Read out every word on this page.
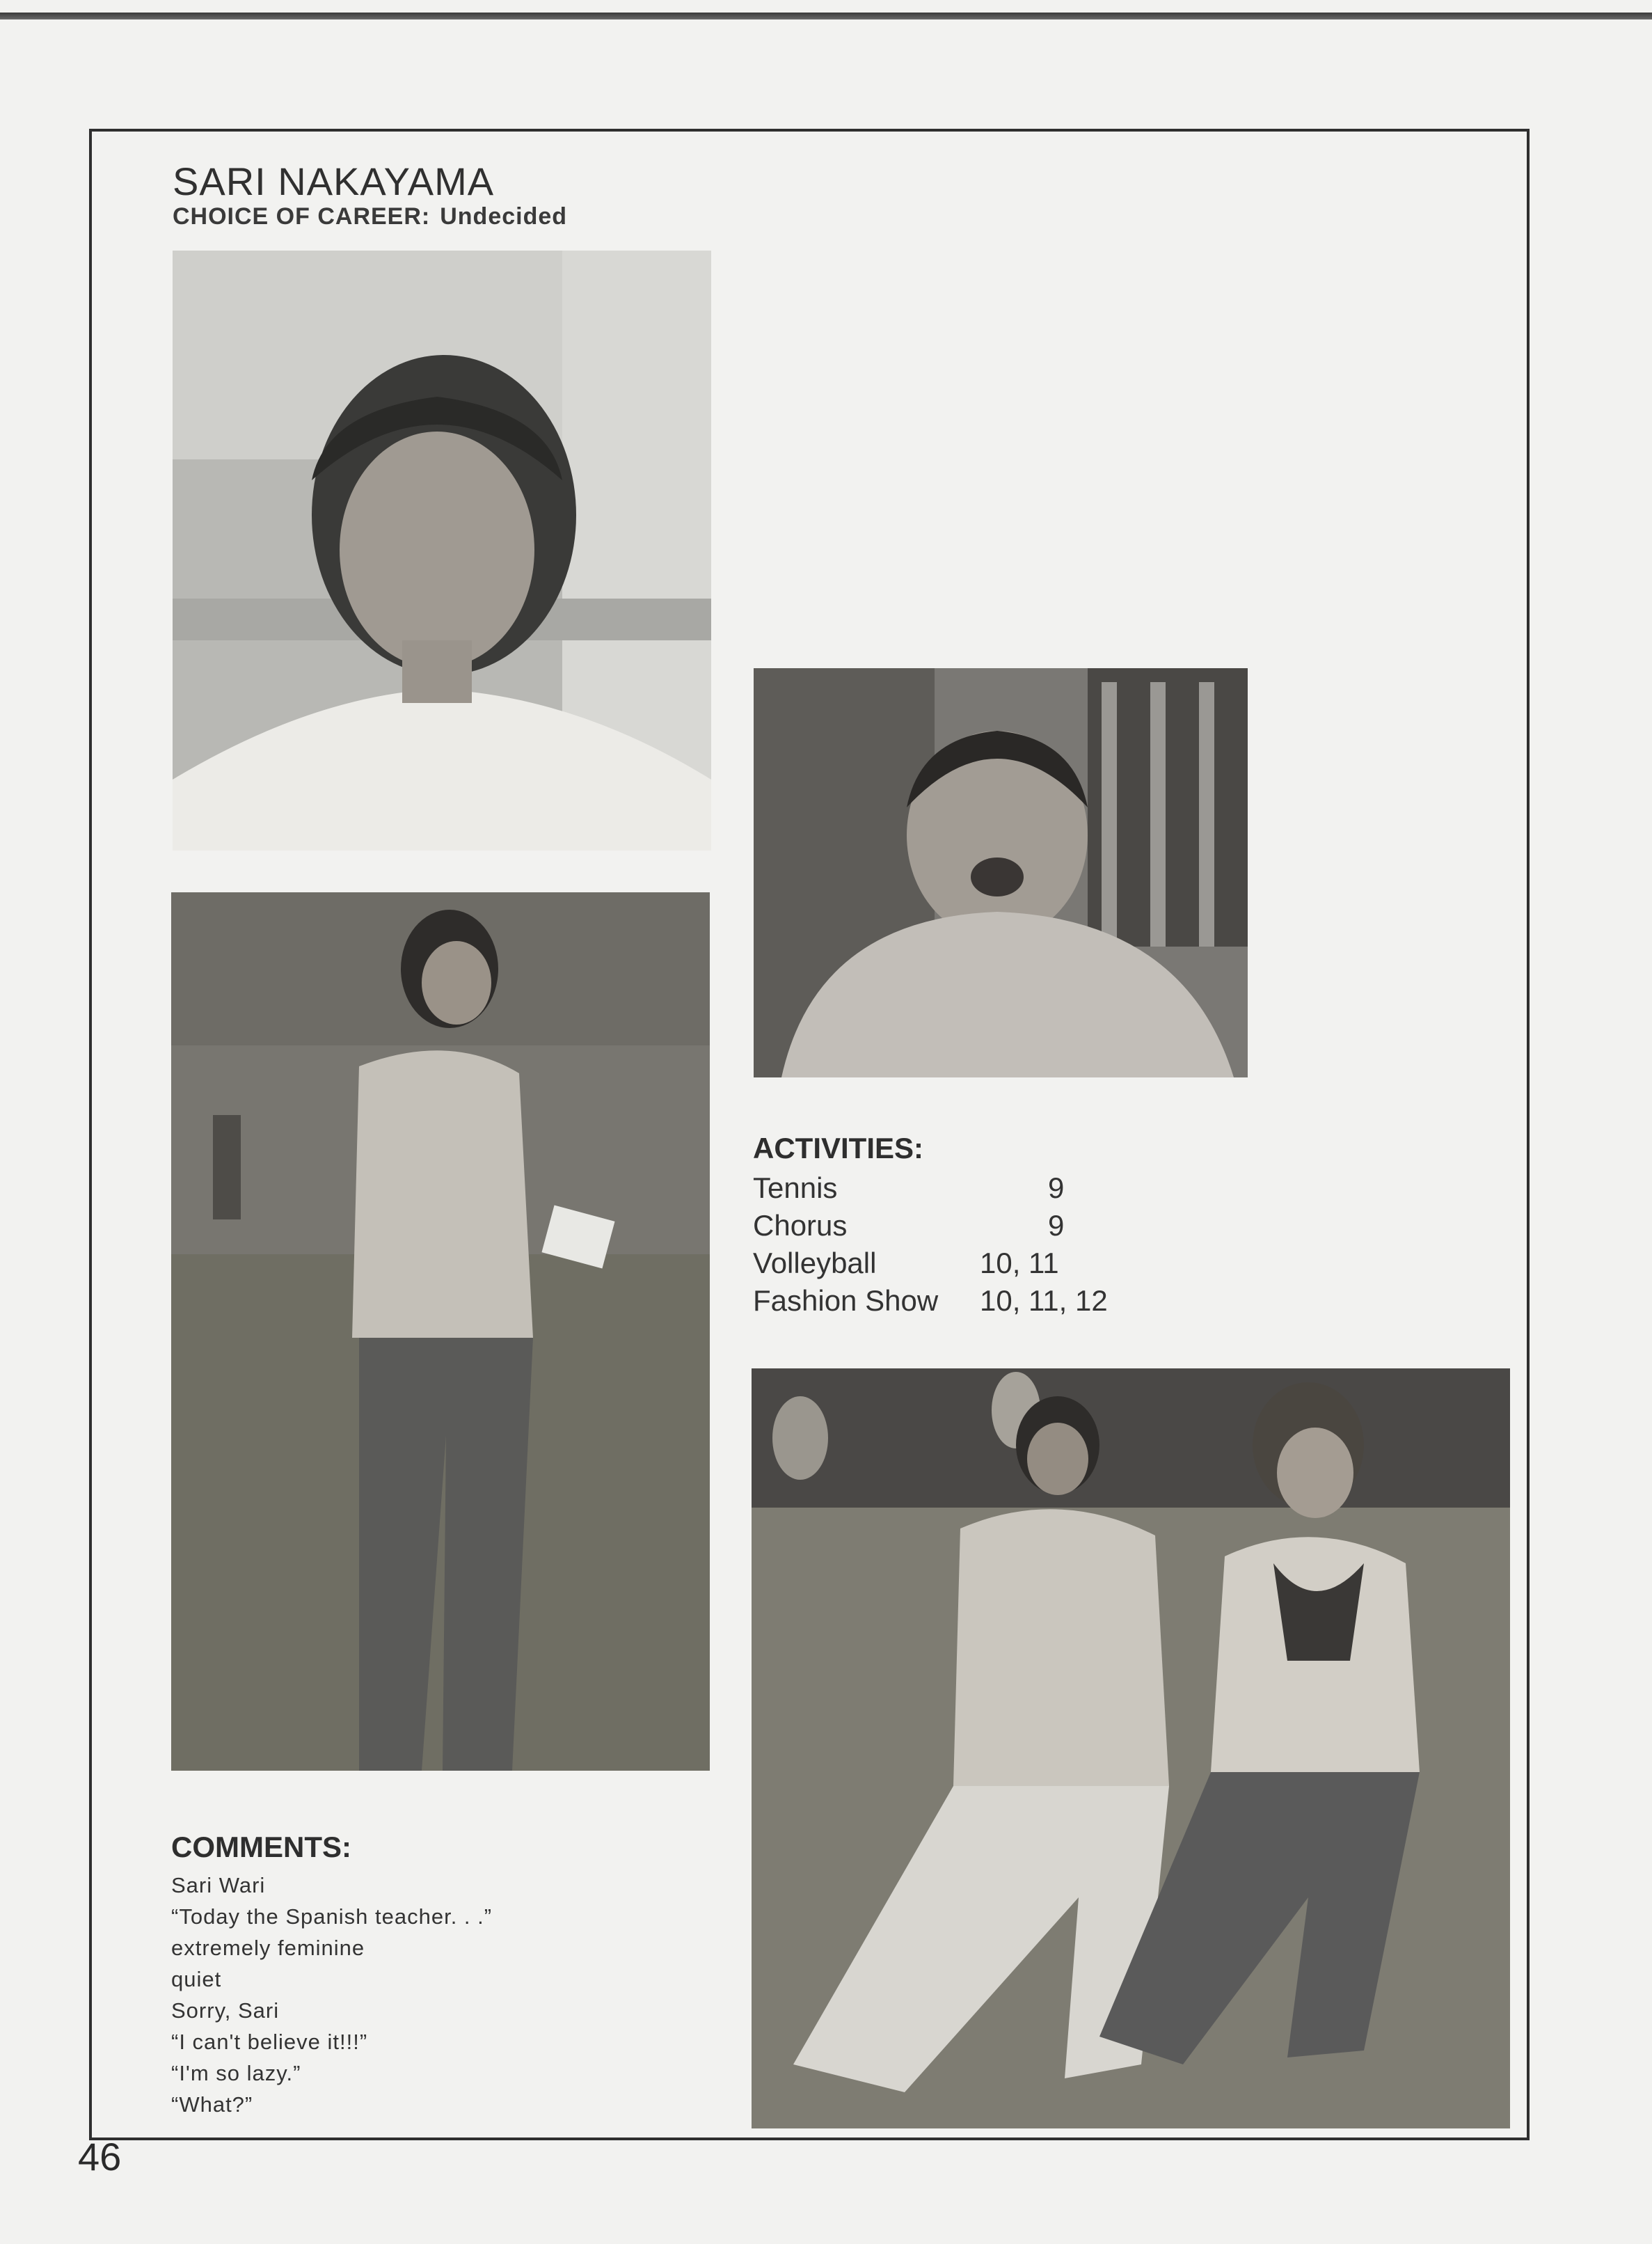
SARI NAKAYAMA
CHOICE OF CAREER: Undecided
ACTIVITIES:
Tennis	9
Chorus	9
Volleyball	10, 11
Fashion Show	10, 11, 12
COMMENTS:
Sari Wari
“Today the Spanish teacher. . .”
extremely feminine
quiet
Sorry, Sari
“I can't believe it!!!”
“I'm so lazy.”
“What?”
46
